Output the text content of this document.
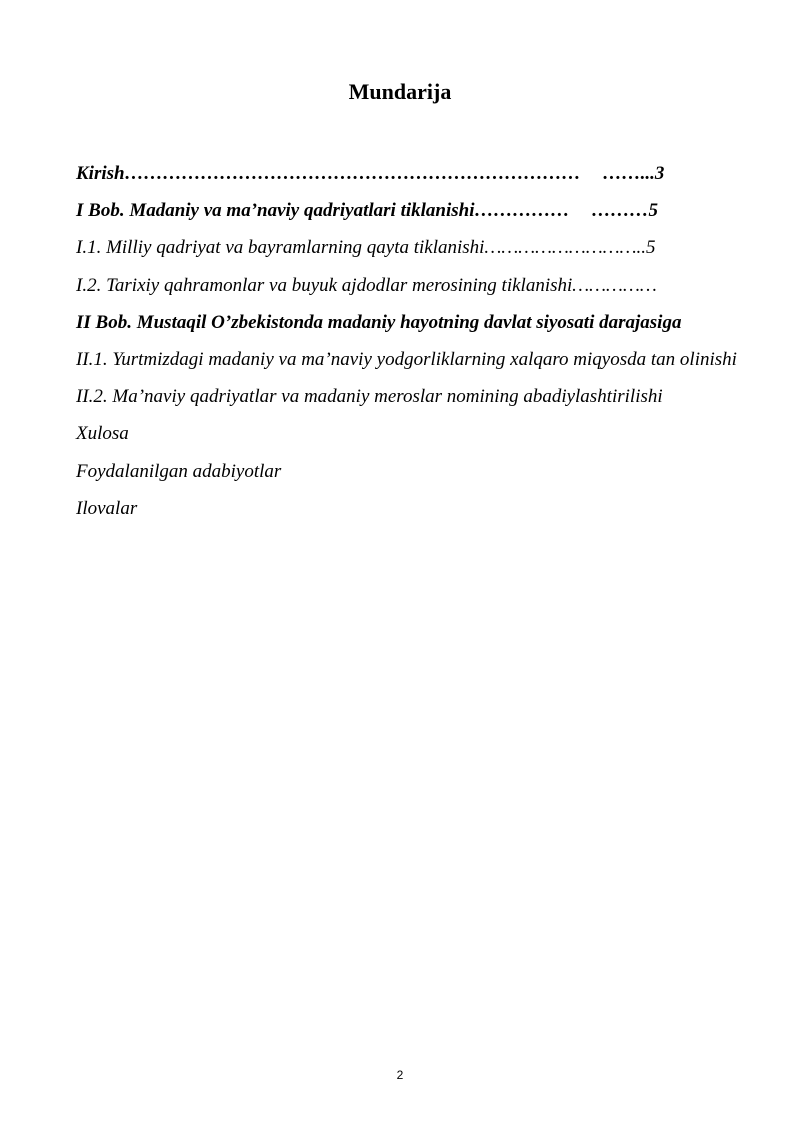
Mundarija

Kirish……………………………………………………………… ……...3

I Bob. Madaniy va ma’naviy qadriyatlari tiklanishi…………… ………5

I.1. Milliy qadriyat va bayramlarning qayta tiklanishi………………………..5

I.2. Tarixiy qahramonlar va buyuk ajdodlar merosining tiklanishi……………

II Bob. Mustaqil O’zbekistonda madaniy hayotning davlat siyosati darajasiga

II.1. Yurtmizdagi madaniy va ma’naviy yodgorliklarning xalqaro miqyosda tan olinishi

II.2. Ma’naviy qadriyatlar va madaniy meroslar nomining abadiylashtirilishi

Xulosa

Foydalanilgan adabiyotlar

Ilovalar

2
